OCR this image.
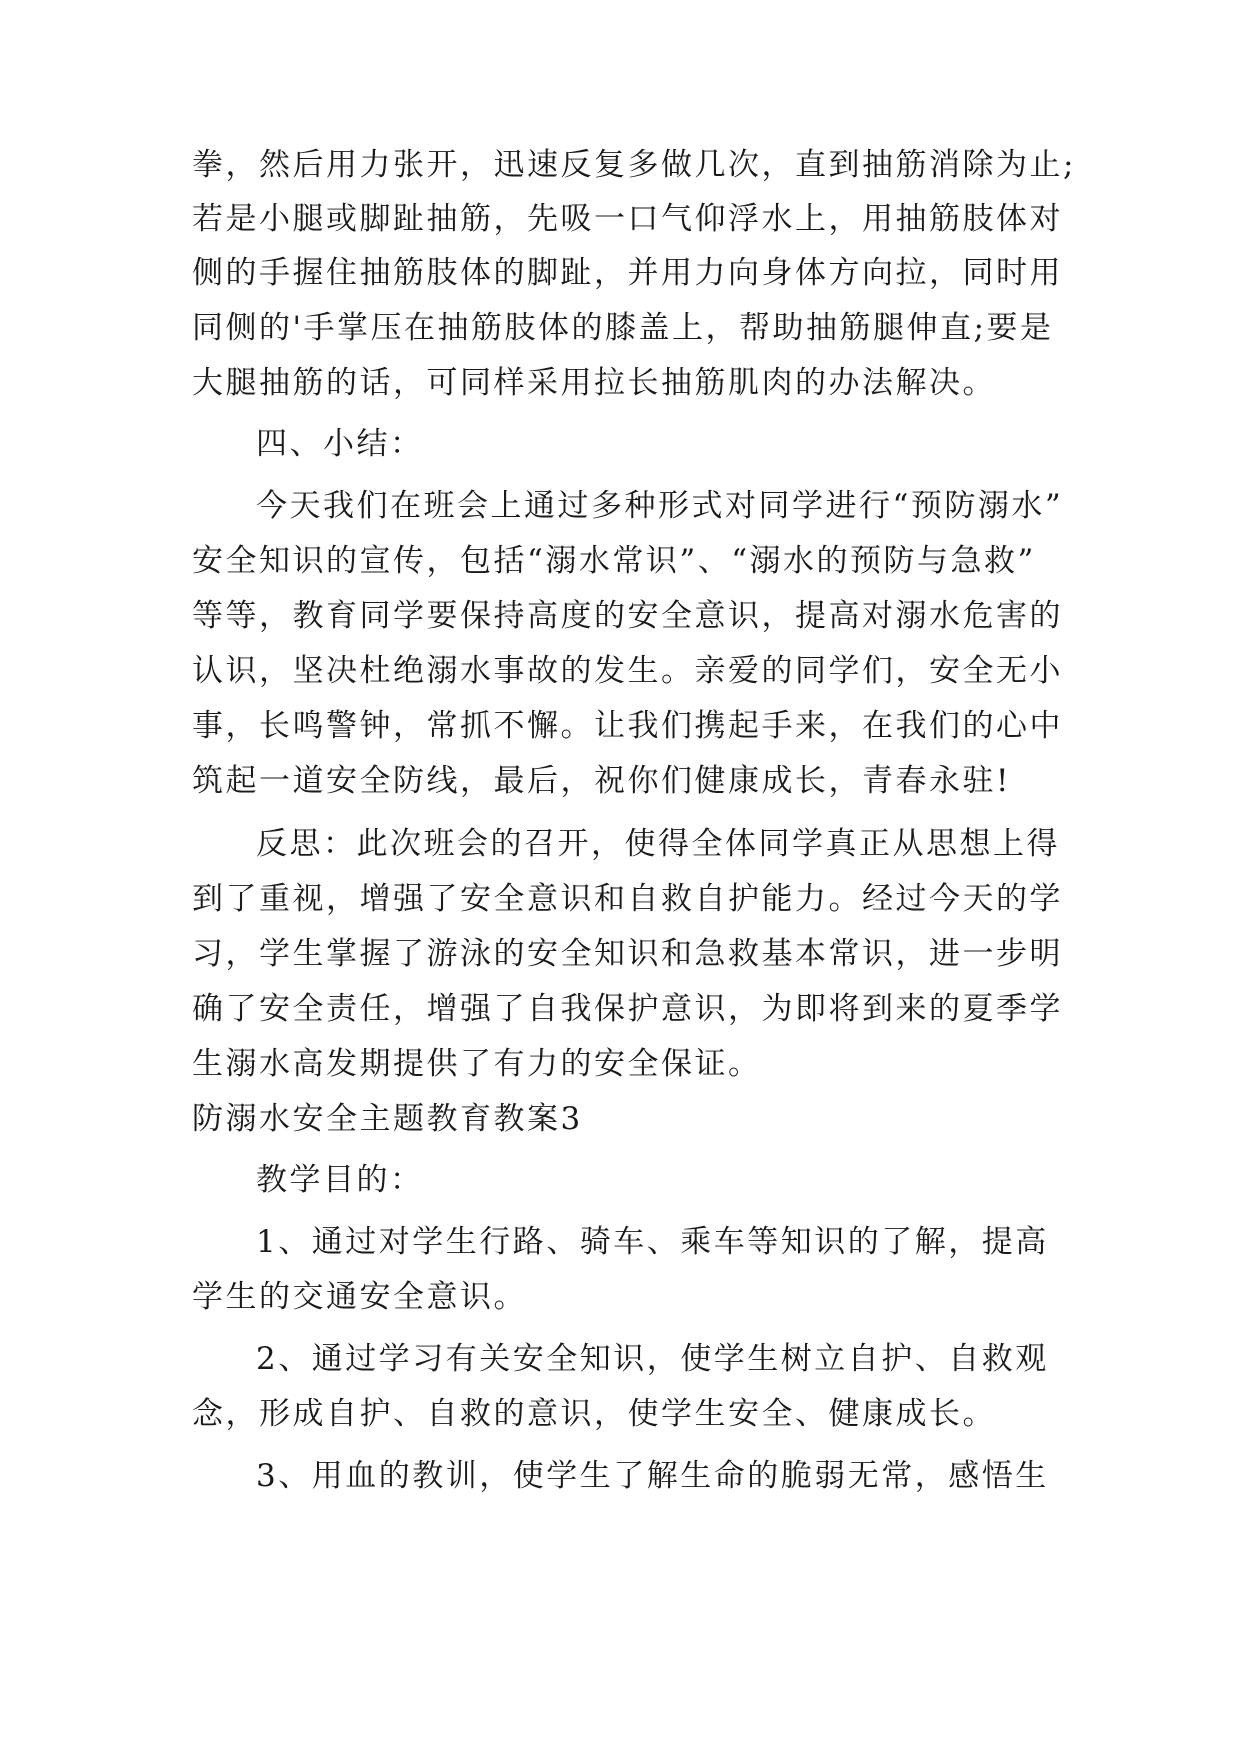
拳，然后用力张开，迅速反复多做几次，直到抽筋消除为止;
若是小腿或脚趾抽筋，先吸一口气仰浮水上，用抽筋肢体对
侧的手握住抽筋肢体的脚趾，并用力向身体方向拉，同时用
同侧的'手掌压在抽筋肢体的膝盖上，帮助抽筋腿伸直;要是
大腿抽筋的话，可同样采用拉长抽筋肌肉的办法解决。
四、小结：
今天我们在班会上通过多种形式对同学进行“预防溺水”
安全知识的宣传，包括“溺水常识”、“溺水的预防与急救”
等等，教育同学要保持高度的安全意识，提高对溺水危害的
认识，坚决杜绝溺水事故的发生。亲爱的同学们，安全无小
事，长鸣警钟，常抓不懈。让我们携起手来，在我们的心中
筑起一道安全防线，最后，祝你们健康成长，青春永驻!
反思：此次班会的召开，使得全体同学真正从思想上得
到了重视，增强了安全意识和自救自护能力。经过今天的学
习，学生掌握了游泳的安全知识和急救基本常识，进一步明
确了安全责任，增强了自我保护意识，为即将到来的夏季学
生溺水高发期提供了有力的安全保证。
防溺水安全主题教育教案3
教学目的：
1、通过对学生行路、骑车、乘车等知识的了解，提高
学生的交通安全意识。
2、通过学习有关安全知识，使学生树立自护、自救观
念，形成自护、自救的意识，使学生安全、健康成长。
3、用血的教训，使学生了解生命的脆弱无常，感悟生
